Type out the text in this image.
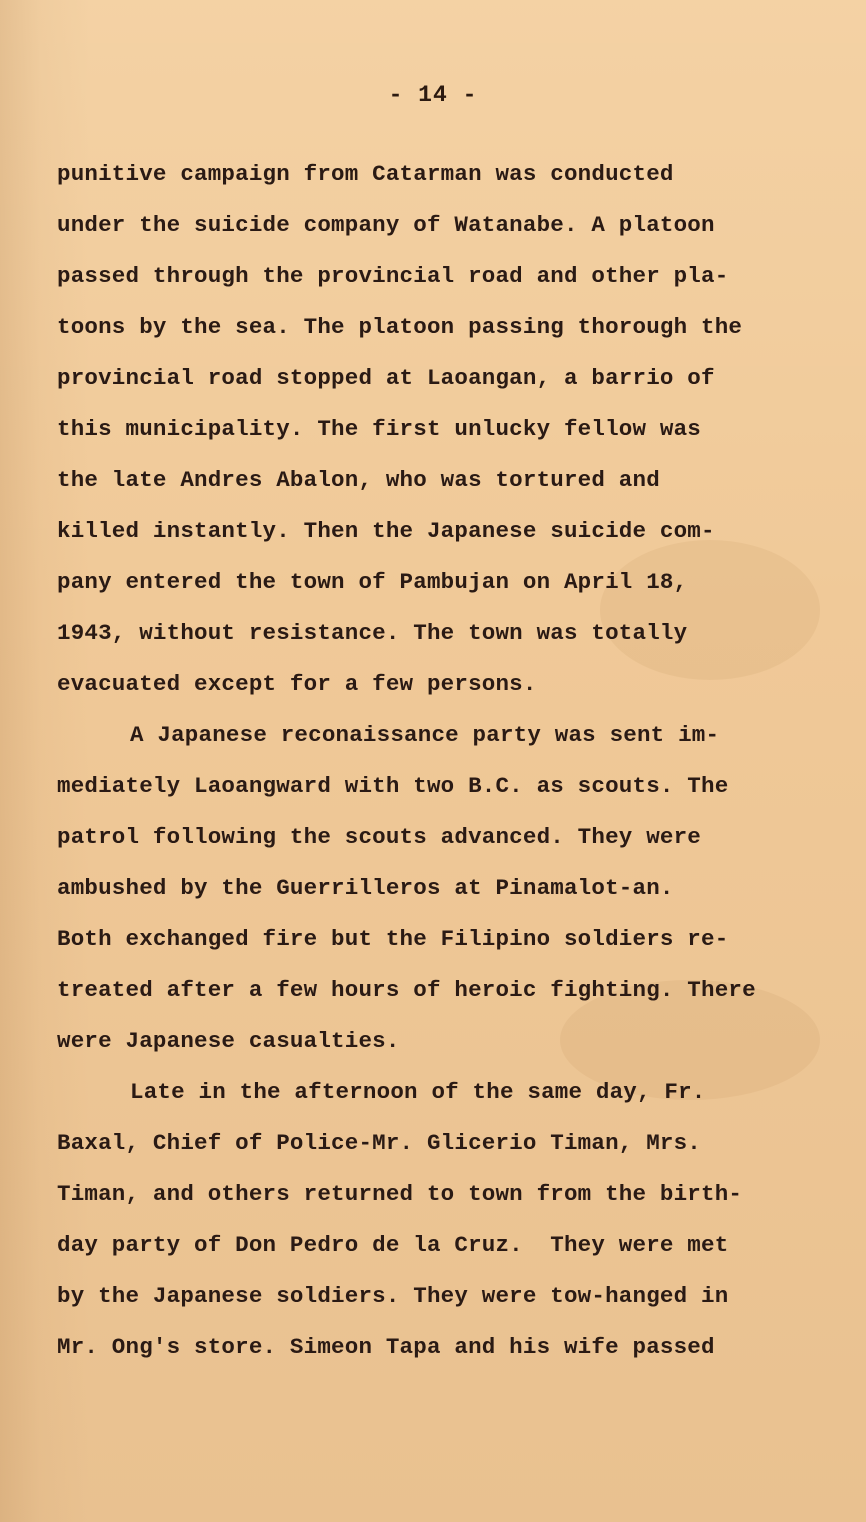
- 14 -
punitive campaign from Catarman was conducted
under the suicide company of Watanabe. A platoon
passed through the provincial road and other pla-
toons by the sea. The platoon passing thorough the
provincial road stopped at Laoangan, a barrio of
this municipality. The first unlucky fellow was
the late Andres Abalon, who was tortured and
killed instantly. Then the Japanese suicide com-
pany entered the town of Pambujan on April 18,
1943, without resistance. The town was totally
evacuated except for a few persons.
A Japanese reconaissance party was sent im-
mediately Laoangward with two B.C. as scouts. The
patrol following the scouts advanced. They were
ambushed by the Guerrilleros at Pinamalot-an.
Both exchanged fire but the Filipino soldiers re-
treated after a few hours of heroic fighting. There
were Japanese casualties.
Late in the afternoon of the same day, Fr.
Baxal, Chief of Police-Mr. Glicerio Timan, Mrs.
Timan, and others returned to town from the birth-
day party of Don Pedro de la Cruz.  They were met
by the Japanese soldiers. They were tow-hanged in
Mr. Ong's store. Simeon Tapa and his wife passed
